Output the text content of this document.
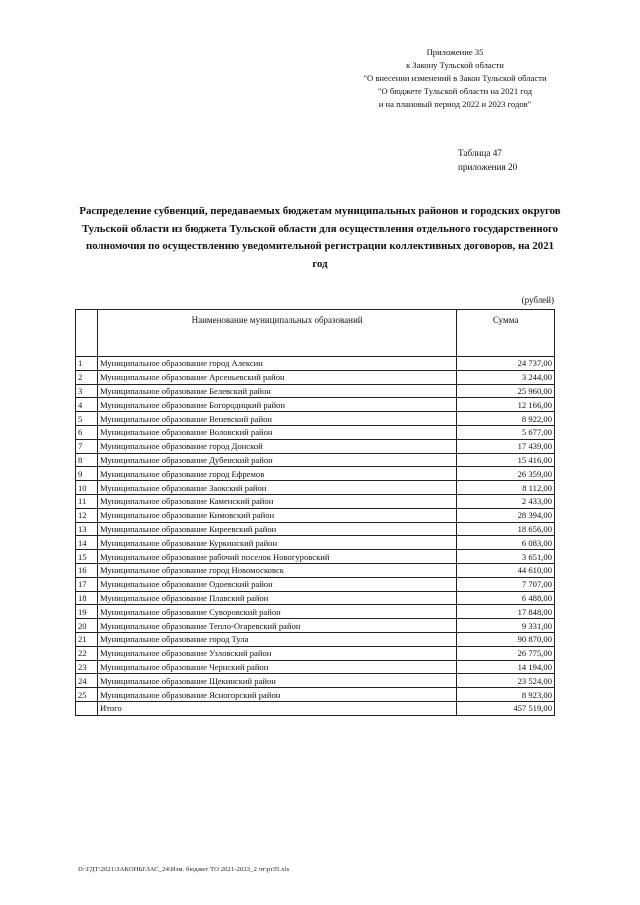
Приложение 35
к Закону Тульской области
"О внесении изменений в Закон Тульской области
"О бюджете Тульской области на 2021 год
и на плановый период 2022 и 2023 годов"
Таблица 47
приложения 20
Распределение субвенций, передаваемых бюджетам муниципальных районов и городских округов Тульской области из бюджета Тульской области для осуществления отдельного государственного полномочия по осуществлению уведомительной регистрации коллективных договоров, на 2021 год
(рублей)
	Наименование муниципальных образований	Сумма
1	Муниципальное образование город Алексин	24 737,00
2	Муниципальное образование Арсеньевский район	3 244,00
3	Муниципальное образование Белевский район	25 960,00
4	Муниципальное образование Богородицкий район	12 166,00
5	Муниципальное образование Веневский район	8 922,00
6	Муниципальное образование Воловский район	5 677,00
7	Муниципальное образование город Донской	17 439,00
8	Муниципальное образование Дубенский район	15 416,00
9	Муниципальное образование город Ефремов	26 359,00
10	Муниципальное образование Заокский район	8 112,00
11	Муниципальное образование Каменский район	2 433,00
12	Муниципальное образование Кимовский район	28 394,00
13	Муниципальное образование Киреевский район	18 656,00
14	Муниципальное образование Куркинский район	6 083,00
15	Муниципальное образование рабочий поселок Новогуровский	3 651,00
16	Муниципальное образование город Новомосковск	44 610,00
17	Муниципальное образование Одоевский район	7 707,00
18	Муниципальное образование Плавский район	6 488,00
19	Муниципальное образование Суворовский район	17 848,00
20	Муниципальное образование Тепло-Огаревский район	9 331,00
21	Муниципальное образование город Тула	90 870,00
22	Муниципальное образование Узловский район	26 775,00
23	Муниципальное образование Чернский район	14 194,00
24	Муниципальное образование Щекинский район	23 524,00
25	Муниципальное образование Ясногорский район	8 923,00
	Итого	457 519,00
D:\ГДТ\2021\ЗАКОНЫ\ЗАС_24\Изм. бюджет ТО 2021-2023_2 чт\pr35.xls
